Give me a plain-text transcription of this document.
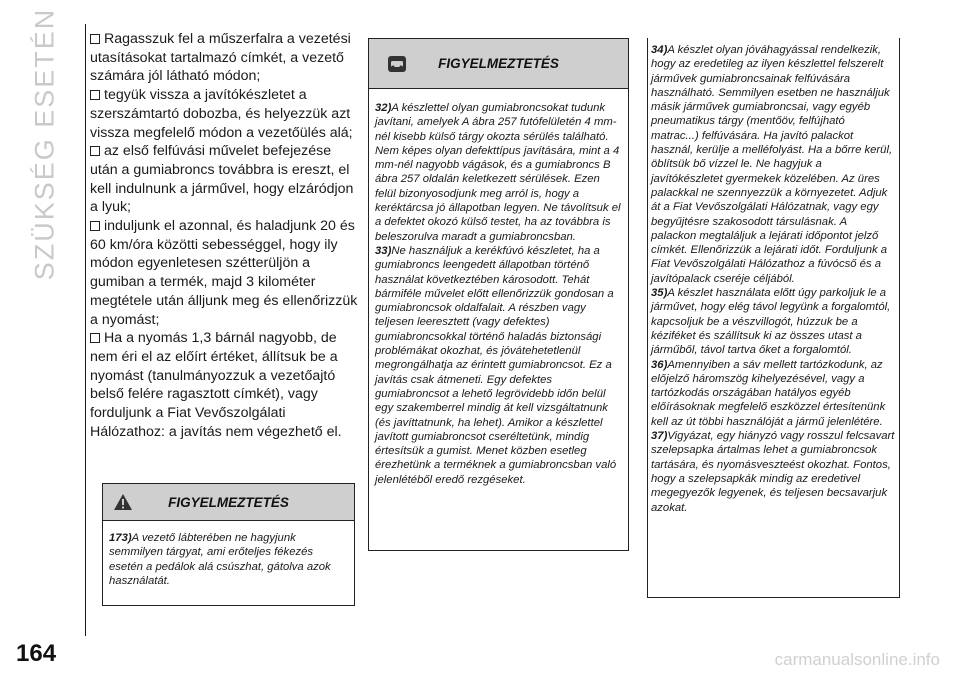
SZÜKSÉG ESETÉN	Ragasszuk fel a műszerfalra a vezetési utasításokat tartalmazó címkét, a vezető számára jól látható módon;

tegyük vissza a javítókészletet a szerszámtartó dobozba, és helyezzük azt vissza megfelelő módon a vezetőülés alá;

az első felfúvási művelet befejezése után a gumiabroncs továbbra is ereszt, el kell indulnunk a járművel, hogy elzáródjon a lyuk;

induljunk el azonnal, és haladjunk 20 és 60 km/óra közötti sebességgel, hogy ily módon egyenletesen szétterüljön a gumiban a termék, majd 3 kilométer megtétele után álljunk meg és ellenőrizzük a nyomást;

Ha a nyomás 1,3 bárnál nagyobb, de nem éri el az előírt értéket, állítsuk be a nyomást (tanulmányozzuk a vezetőajtó belső felére ragasztott címkét), vagy forduljunk a Fiat Vevőszolgálati Hálózathoz: a javítás nem végezhető el.

FIGYELMEZTETÉS

173)A vezető lábterében ne hagyjunk semmilyen tárgyat, ami erőteljes fékezés esetén a pedálok alá csúszhat, gátolva azok használatát.

FIGYELMEZTETÉS

32)A készlettel olyan gumiabroncsokat tudunk javítani, amelyek A ábra 257 futófelületén 4 mm-nél kisebb külső tárgy okozta sérülés található. Nem képes olyan defekttípus javítására, mint a 4 mm-nél nagyobb vágások, és a gumiabroncs B ábra 257 oldalán keletkezett sérülések. Ezen felül bizonyosodjunk meg arról is, hogy a keréktárcsa jó állapotban legyen. Ne távolítsuk el a defektet okozó külső testet, ha az továbbra is beleszorulva maradt a gumiabroncsban.

33)Ne használjuk a kerékfúvó készletet, ha a gumiabroncs leengedett állapotban történő használat következtében károsodott. Tehát bármiféle művelet előtt ellenőrizzük gondosan a gumiabroncsok oldalfalait. A részben vagy teljesen leeresztett (vagy defektes) gumiabroncsokkal történő haladás biztonsági problémákat okozhat, és jóvátehetetlenül megrongálhatja az érintett gumiabroncsot. Ez a javítás csak átmeneti. Egy defektes gumiabroncsot a lehető legrövidebb időn belül egy szakemberrel mindig át kell vizsgáltatnunk (és javíttatnunk, ha lehet). Amikor a készlettel javított gumiabroncsot cseréltetünk, mindig értesítsük a gumist. Menet közben esetleg érezhetünk a terméknek a gumiabroncsban való jelenlétéből eredő rezgéseket.

34)A készlet olyan jóváhagyással rendelkezik, hogy az eredetileg az ilyen készlettel felszerelt járművek gumiabroncsainak felfúvására használható. Semmilyen esetben ne használjuk másik járművek gumiabroncsai, vagy egyéb pneumatikus tárgy (mentőöv, felfújható matrac...) felfúvására. Ha javító palackot használ, kerülje a melléfolyást. Ha a bőrre kerül, öblítsük bő vízzel le. Ne hagyjuk a javítókészletet gyermekek közelében. Az üres palackkal ne szennyezzük a környezetet. Adjuk át a Fiat Vevőszolgálati Hálózatnak, vagy egy begyűjtésre szakosodott társulásnak. A palackon megtaláljuk a lejárati időpontot jelző címkét. Ellenőrizzük a lejárati időt. Forduljunk a Fiat Vevőszolgálati Hálózathoz a fúvócső és a javítópalack cseréje céljából.

35)A készlet használata előtt úgy parkoljuk le a járművet, hogy elég távol legyünk a forgalomtól, kapcsoljuk be a vészvillogót, húzzuk be a kéziféket és szállítsuk ki az összes utast a járműből, távol tartva őket a forgalomtól.

36)Amennyiben a sáv mellett tartózkodunk, az előjelző háromszög kihelyezésével, vagy a tartózkodás országában hatályos egyéb előírásoknak megfelelő eszközzel értesítenünk kell az út többi használóját a jármű jelenlétére.

37)Vigyázat, egy hiányzó vagy rosszul felcsavart szelepsapka ártalmas lehet a gumiabroncsok tartására, és nyomásveszteést okozhat. Fontos, hogy a szelepsapkák mindig az eredetivel megegyezők legyenek, és teljesen becsavarjuk azokat.

164	carmanualsonline.info
